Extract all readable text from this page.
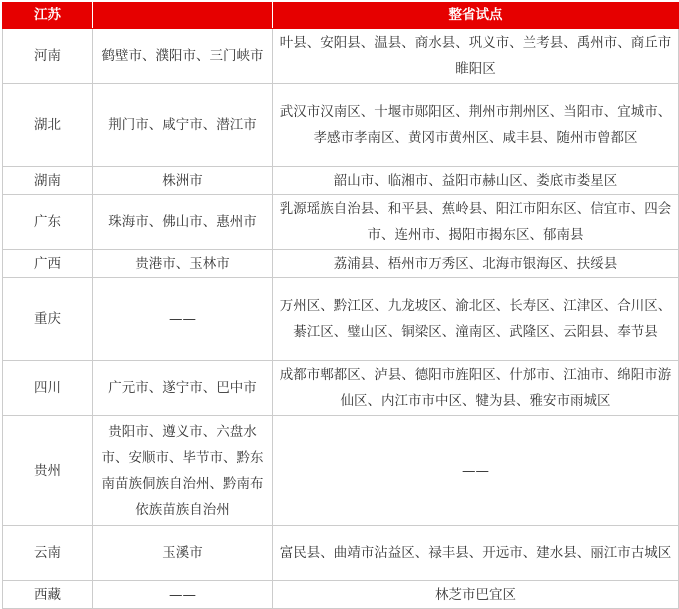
江苏		整省试点
河南	鹤壁市、濮阳市、三门峡市	叶县、安阳县、温县、商水县、巩义市、兰考县、禹州市、商丘市睢阳区
湖北	荆门市、咸宁市、潜江市	武汉市汉南区、十堰市郧阳区、荆州市荆州区、当阳市、宜城市、孝感市孝南区、黄冈市黄州区、咸丰县、随州市曾都区
湖南	株洲市	韶山市、临湘市、益阳市赫山区、娄底市娄星区
广东	珠海市、佛山市、惠州市	乳源瑶族自治县、和平县、蕉岭县、阳江市阳东区、信宜市、四会市、连州市、揭阳市揭东区、郁南县
广西	贵港市、玉林市	荔浦县、梧州市万秀区、北海市银海区、扶绥县
重庆	——	万州区、黔江区、九龙坡区、渝北区、长寿区、江津区、合川区、綦江区、璧山区、铜梁区、潼南区、武隆区、云阳县、奉节县
四川	广元市、遂宁市、巴中市	成都市郫都区、泸县、德阳市旌阳区、什邡市、江油市、绵阳市游仙区、内江市市中区、犍为县、雅安市雨城区
贵州	贵阳市、遵义市、六盘水市、安顺市、毕节市、黔东南苗族侗族自治州、黔南布依族苗族自治州	——
云南	玉溪市	富民县、曲靖市沾益区、禄丰县、开远市、建水县、丽江市古城区
西藏	——	林芝市巴宜区
